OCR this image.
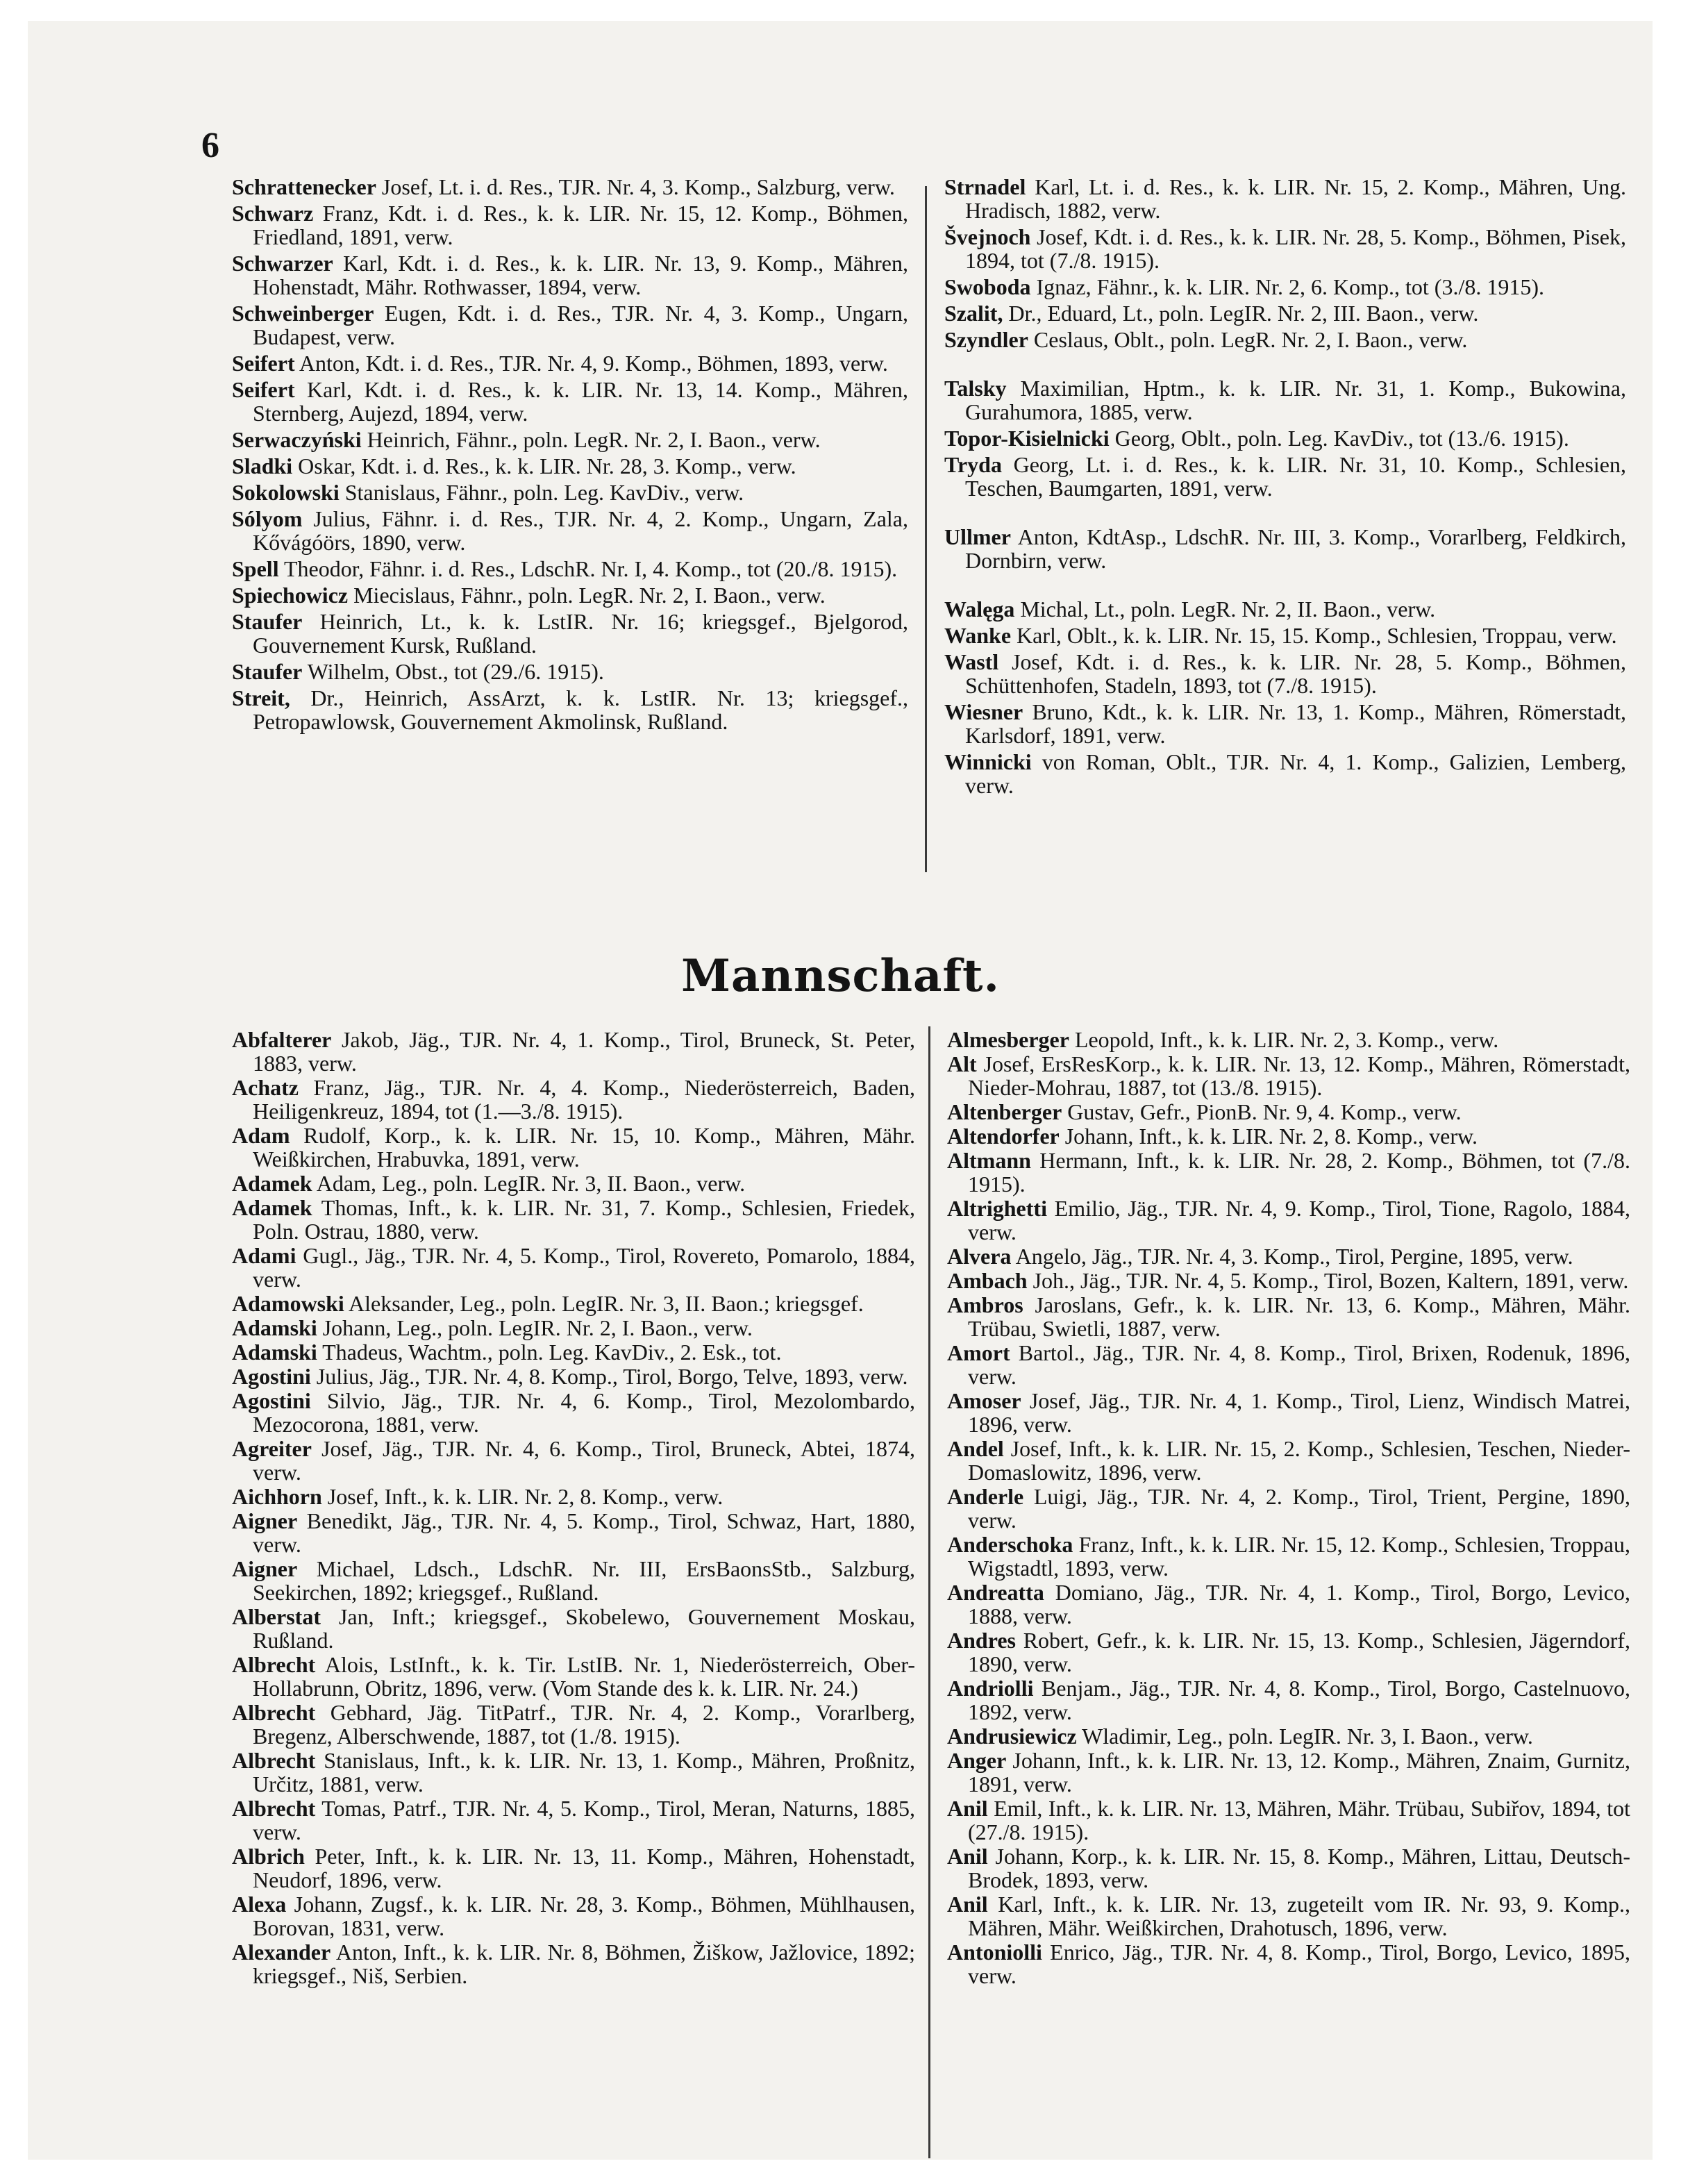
6
Schrattenecker Josef, Lt. i. d. Res., TJR. Nr. 4, 3. Komp., Salzburg, verw.
Schwarz Franz, Kdt. i. d. Res., k. k. LIR. Nr. 15, 12. Komp., Böhmen, Friedland, 1891, verw.
Schwarzer Karl, Kdt. i. d. Res., k. k. LIR. Nr. 13, 9. Komp., Mähren, Hohenstadt, Mähr. Rothwasser, 1894, verw.
Schweinberger Eugen, Kdt. i. d. Res., TJR. Nr. 4, 3. Komp., Ungarn, Budapest, verw.
Seifert Anton, Kdt. i. d. Res., TJR. Nr. 4, 9. Komp., Böhmen, 1893, verw.
Seifert Karl, Kdt. i. d. Res., k. k. LIR. Nr. 13, 14. Komp., Mähren, Sternberg, Aujezd, 1894, verw.
Serwaczyński Heinrich, Fähnr., poln. LegR. Nr. 2, I. Baon., verw.
Sladki Oskar, Kdt. i. d. Res., k. k. LIR. Nr. 28, 3. Komp., verw.
Sokolowski Stanislaus, Fähnr., poln. Leg. KavDiv., verw.
Sólyom Julius, Fähnr. i. d. Res., TJR. Nr. 4, 2. Komp., Ungarn, Zala, Kővágóörs, 1890, verw.
Spell Theodor, Fähnr. i. d. Res., LdschR. Nr. I, 4. Komp., tot (20./8. 1915).
Spiechowicz Miecislaus, Fähnr., poln. LegR. Nr. 2, I. Baon., verw.
Staufer Heinrich, Lt., k. k. LstIR. Nr. 16; kriegsgef., Bjelgorod, Gouvernement Kursk, Rußland.
Staufer Wilhelm, Obst., tot (29./6. 1915).
Streit, Dr., Heinrich, AssArzt, k. k. LstIR. Nr. 13; kriegsgef., Petropawlowsk, Gouvernement Akmolinsk, Rußland.
Strnadel Karl, Lt. i. d. Res., k. k. LIR. Nr. 15, 2. Komp., Mähren, Ung. Hradisch, 1882, verw.
Švejnoch Josef, Kdt. i. d. Res., k. k. LIR. Nr. 28, 5. Komp., Böhmen, Pisek, 1894, tot (7./8. 1915).
Swoboda Ignaz, Fähnr., k. k. LIR. Nr. 2, 6. Komp., tot (3./8. 1915).
Szalit, Dr., Eduard, Lt., poln. LegIR. Nr. 2, III. Baon., verw.
Szyndler Ceslaus, Oblt., poln. LegR. Nr. 2, I. Baon., verw.
Talsky Maximilian, Hptm., k. k. LIR. Nr. 31, 1. Komp., Bukowina, Gurahumora, 1885, verw.
Topor-Kisielnicki Georg, Oblt., poln. Leg. KavDiv., tot (13./6. 1915).
Tryda Georg, Lt. i. d. Res., k. k. LIR. Nr. 31, 10. Komp., Schlesien, Teschen, Baumgarten, 1891, verw.
Ullmer Anton, KdtAsp., LdschR. Nr. III, 3. Komp., Vorarlberg, Feldkirch, Dornbirn, verw.
Walęga Michal, Lt., poln. LegR. Nr. 2, II. Baon., verw.
Wanke Karl, Oblt., k. k. LIR. Nr. 15, 15. Komp., Schlesien, Troppau, verw.
Wastl Josef, Kdt. i. d. Res., k. k. LIR. Nr. 28, 5. Komp., Böhmen, Schüttenhofen, Stadeln, 1893, tot (7./8. 1915).
Wiesner Bruno, Kdt., k. k. LIR. Nr. 13, 1. Komp., Mähren, Römerstadt, Karlsdorf, 1891, verw.
Winnicki von Roman, Oblt., TJR. Nr. 4, 1. Komp., Galizien, Lemberg, verw.
Mannschaft.
Abfalterer Jakob, Jäg., TJR. Nr. 4, 1. Komp., Tirol, Bruneck, St. Peter, 1883, verw.
Achatz Franz, Jäg., TJR. Nr. 4, 4. Komp., Niederösterreich, Baden, Heiligenkreuz, 1894, tot (1.—3./8. 1915).
Adam Rudolf, Korp., k. k. LIR. Nr. 15, 10. Komp., Mähren, Mähr. Weißkirchen, Hrabuvka, 1891, verw.
Adamek Adam, Leg., poln. LegIR. Nr. 3, II. Baon., verw.
Adamek Thomas, Inft., k. k. LIR. Nr. 31, 7. Komp., Schlesien, Friedek, Poln. Ostrau, 1880, verw.
Adami Gugl., Jäg., TJR. Nr. 4, 5. Komp., Tirol, Rovereto, Pomarolo, 1884, verw.
Adamowski Aleksander, Leg., poln. LegIR. Nr. 3, II. Baon.; kriegsgef.
Adamski Johann, Leg., poln. LegIR. Nr. 2, I. Baon., verw.
Adamski Thadeus, Wachtm., poln. Leg. KavDiv., 2. Esk., tot.
Agostini Julius, Jäg., TJR. Nr. 4, 8. Komp., Tirol, Borgo, Telve, 1893, verw.
Agostini Silvio, Jäg., TJR. Nr. 4, 6. Komp., Tirol, Mezolombardo, Mezocorona, 1881, verw.
Agreiter Josef, Jäg., TJR. Nr. 4, 6. Komp., Tirol, Bruneck, Abtei, 1874, verw.
Aichhorn Josef, Inft., k. k. LIR. Nr. 2, 8. Komp., verw.
Aigner Benedikt, Jäg., TJR. Nr. 4, 5. Komp., Tirol, Schwaz, Hart, 1880, verw.
Aigner Michael, Ldsch., LdschR. Nr. III, ErsBaonsStb., Salzburg, Seekirchen, 1892; kriegsgef., Rußland.
Alberstat Jan, Inft.; kriegsgef., Skobelewo, Gouvernement Moskau, Rußland.
Albrecht Alois, LstInft., k. k. Tir. LstIB. Nr. 1, Niederösterreich, Ober-Hollabrunn, Obritz, 1896, verw. (Vom Stande des k. k. LIR. Nr. 24.)
Albrecht Gebhard, Jäg. TitPatrf., TJR. Nr. 4, 2. Komp., Vorarlberg, Bregenz, Alberschwende, 1887, tot (1./8. 1915).
Albrecht Stanislaus, Inft., k. k. LIR. Nr. 13, 1. Komp., Mähren, Proßnitz, Určitz, 1881, verw.
Albrecht Tomas, Patrf., TJR. Nr. 4, 5. Komp., Tirol, Meran, Naturns, 1885, verw.
Albrich Peter, Inft., k. k. LIR. Nr. 13, 11. Komp., Mähren, Hohenstadt, Neudorf, 1896, verw.
Alexa Johann, Zugsf., k. k. LIR. Nr. 28, 3. Komp., Böhmen, Mühlhausen, Borovan, 1831, verw.
Alexander Anton, Inft., k. k. LIR. Nr. 8, Böhmen, Žiškow, Jažlovice, 1892; kriegsgef., Niš, Serbien.
Almesberger Leopold, Inft., k. k. LIR. Nr. 2, 3. Komp., verw.
Alt Josef, ErsResKorp., k. k. LIR. Nr. 13, 12. Komp., Mähren, Römerstadt, Nieder-Mohrau, 1887, tot (13./8. 1915).
Altenberger Gustav, Gefr., PionB. Nr. 9, 4. Komp., verw.
Altendorfer Johann, Inft., k. k. LIR. Nr. 2, 8. Komp., verw.
Altmann Hermann, Inft., k. k. LIR. Nr. 28, 2. Komp., Böhmen, tot (7./8. 1915).
Altrighetti Emilio, Jäg., TJR. Nr. 4, 9. Komp., Tirol, Tione, Ragolo, 1884, verw.
Alvera Angelo, Jäg., TJR. Nr. 4, 3. Komp., Tirol, Pergine, 1895, verw.
Ambach Joh., Jäg., TJR. Nr. 4, 5. Komp., Tirol, Bozen, Kaltern, 1891, verw.
Ambros Jaroslans, Gefr., k. k. LIR. Nr. 13, 6. Komp., Mähren, Mähr. Trübau, Swietli, 1887, verw.
Amort Bartol., Jäg., TJR. Nr. 4, 8. Komp., Tirol, Brixen, Rodenuk, 1896, verw.
Amoser Josef, Jäg., TJR. Nr. 4, 1. Komp., Tirol, Lienz, Windisch Matrei, 1896, verw.
Andel Josef, Inft., k. k. LIR. Nr. 15, 2. Komp., Schlesien, Teschen, Nieder-Domaslowitz, 1896, verw.
Anderle Luigi, Jäg., TJR. Nr. 4, 2. Komp., Tirol, Trient, Pergine, 1890, verw.
Anderschoka Franz, Inft., k. k. LIR. Nr. 15, 12. Komp., Schlesien, Troppau, Wigstadtl, 1893, verw.
Andreatta Domiano, Jäg., TJR. Nr. 4, 1. Komp., Tirol, Borgo, Levico, 1888, verw.
Andres Robert, Gefr., k. k. LIR. Nr. 15, 13. Komp., Schlesien, Jägerndorf, 1890, verw.
Andriolli Benjam., Jäg., TJR. Nr. 4, 8. Komp., Tirol, Borgo, Castelnuovo, 1892, verw.
Andrusiewicz Wladimir, Leg., poln. LegIR. Nr. 3, I. Baon., verw.
Anger Johann, Inft., k. k. LIR. Nr. 13, 12. Komp., Mähren, Znaim, Gurnitz, 1891, verw.
Anil Emil, Inft., k. k. LIR. Nr. 13, Mähren, Mähr. Trübau, Subiřov, 1894, tot (27./8. 1915).
Anil Johann, Korp., k. k. LIR. Nr. 15, 8. Komp., Mähren, Littau, Deutsch-Brodek, 1893, verw.
Anil Karl, Inft., k. k. LIR. Nr. 13, zugeteilt vom IR. Nr. 93, 9. Komp., Mähren, Mähr. Weißkirchen, Drahotusch, 1896, verw.
Antoniolli Enrico, Jäg., TJR. Nr. 4, 8. Komp., Tirol, Borgo, Levico, 1895, verw.
